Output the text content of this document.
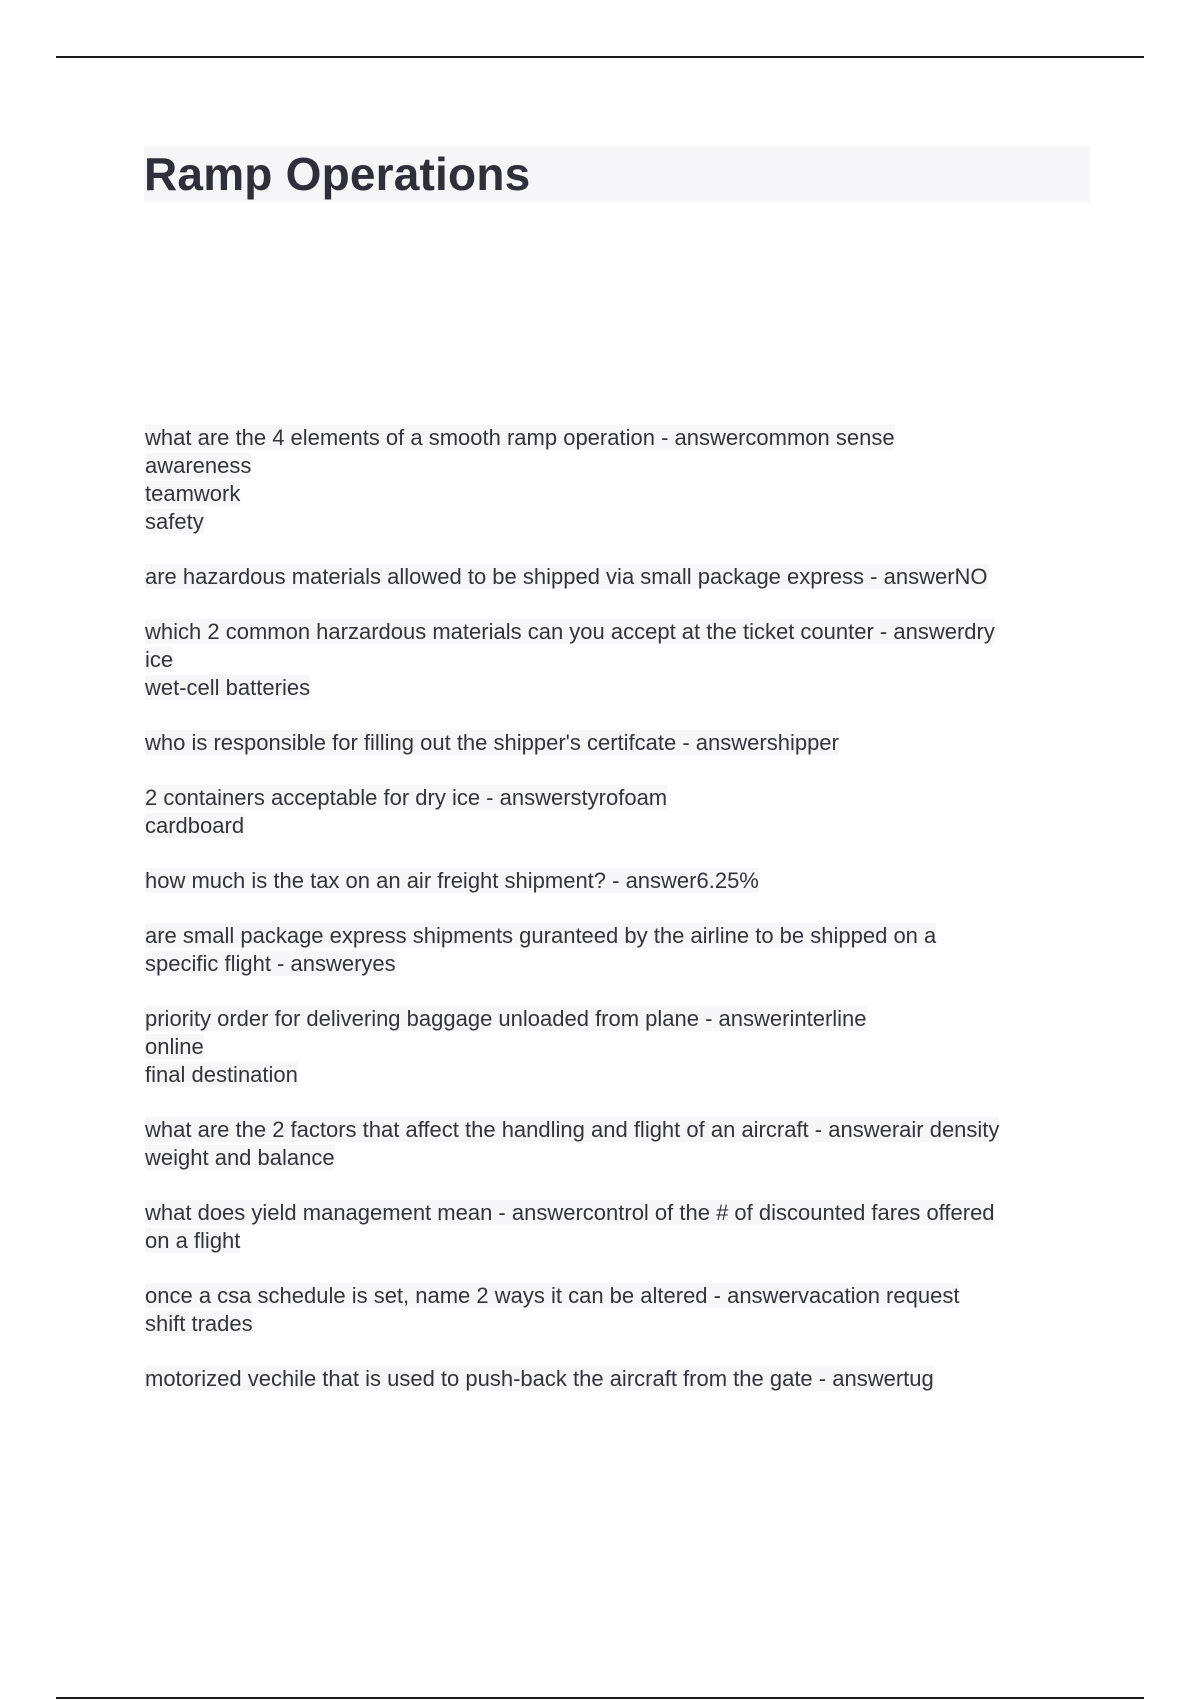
Ramp Operations
what are the 4 elements of a smooth ramp operation - answercommon sense
awareness
teamwork
safety
are hazardous materials allowed to be shipped via small package express - answerNO
which 2 common harzardous materials can you accept at the ticket counter - answerdry
ice
wet-cell batteries
who is responsible for filling out the shipper's certifcate - answershipper
2 containers acceptable for dry ice - answerstyrofoam
cardboard
how much is the tax on an air freight shipment? - answer6.25%
are small package express shipments guranteed by the airline to be shipped on a
specific flight - answeryes
priority order for delivering baggage unloaded from plane - answerinterline
online
final destination
what are the 2 factors that affect the handling and flight of an aircraft - answerair density
weight and balance
what does yield management mean - answercontrol of the # of discounted fares offered
on a flight
once a csa schedule is set, name 2 ways it can be altered - answervacation request
shift trades
motorized vechile that is used to push-back the aircraft from the gate - answertug
